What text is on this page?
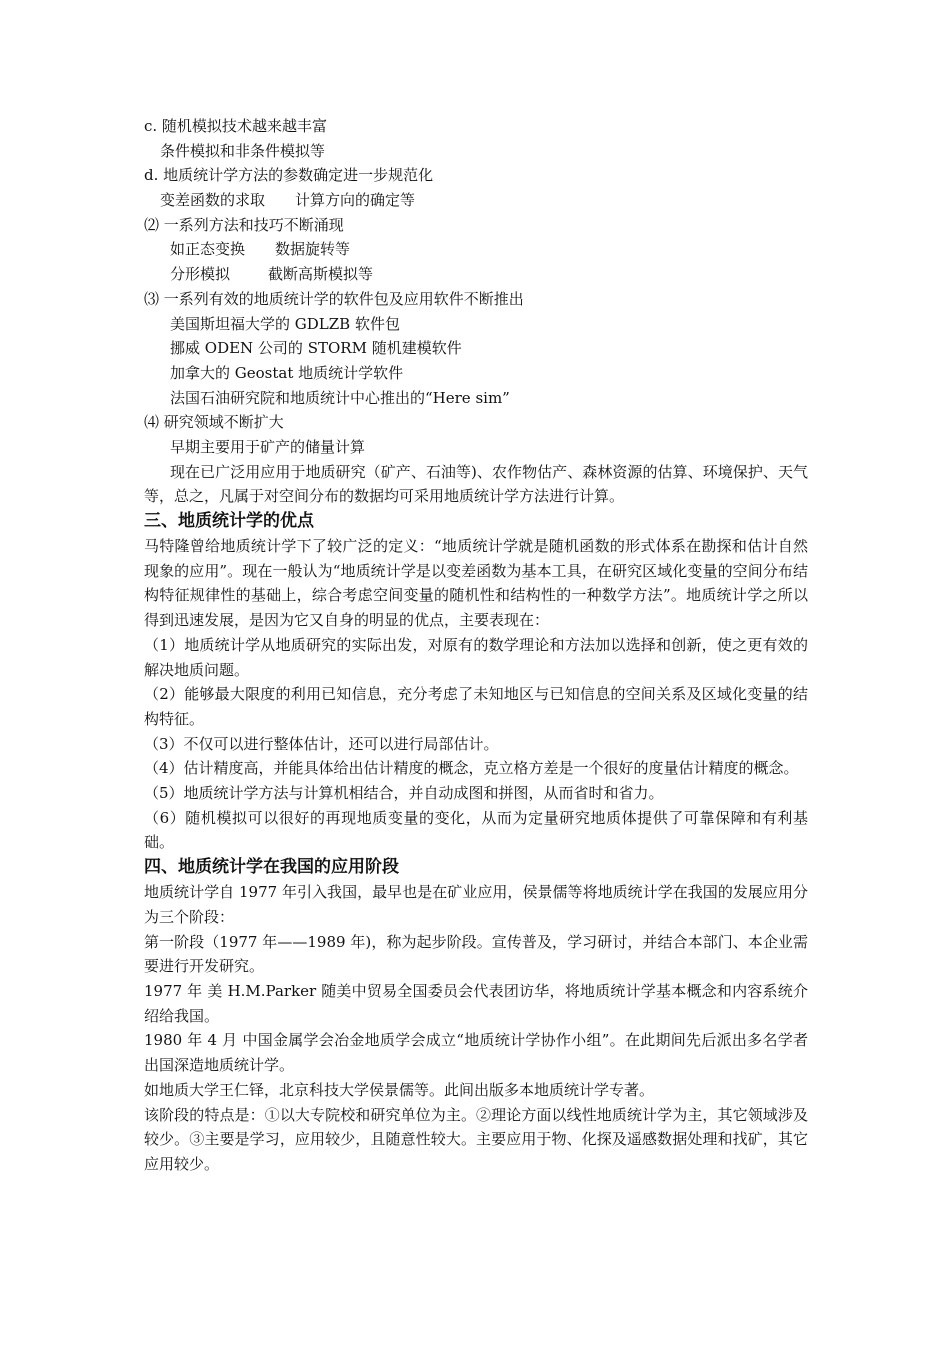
c. 随机模拟技术越来越丰富
条件模拟和非条件模拟等
d. 地质统计学方法的参数确定进一步规范化
变差函数的求取 计算方向的确定等
⑵ 一系列方法和技巧不断涌现
如正态变换 数据旋转等
分形模拟	截断高斯模拟等
⑶ 一系列有效的地质统计学的软件包及应用软件不断推出
美国斯坦福大学的 GDLZB 软件包
挪威 ODEN 公司的 STORM 随机建模软件
加拿大的 Geostat 地质统计学软件
法国石油研究院和地质统计中心推出的“Here sim”
⑷ 研究领域不断扩大
早期主要用于矿产的储量计算
现在已广泛用应用于地质研究（矿产、石油等)、农作物估产、森林资源的估算、环境保护、天气等，总之，凡属于对空间分布的数据均可采用地质统计学方法进行计算。
三、地质统计学的优点
马特隆曾给地质统计学下了较广泛的定义：“地质统计学就是随机函数的形式体系在勘探和估计自然现象的应用”。现在一般认为“地质统计学是以变差函数为基本工具，在研究区域化变量的空间分布结构特征规律性的基础上，综合考虑空间变量的随机性和结构性的一种数学方法”。地质统计学之所以得到迅速发展，是因为它又自身的明显的优点，主要表现在：
（1）地质统计学从地质研究的实际出发，对原有的数学理论和方法加以选择和创新，使之更有效的解决地质问题。
（2）能够最大限度的利用已知信息，充分考虑了未知地区与已知信息的空间关系及区域化变量的结构特征。
（3）不仅可以进行整体估计，还可以进行局部估计。
（4）估计精度高，并能具体给出估计精度的概念，克立格方差是一个很好的度量估计精度的概念。
（5）地质统计学方法与计算机相结合，并自动成图和拼图，从而省时和省力。
（6）随机模拟可以很好的再现地质变量的变化，从而为定量研究地质体提供了可靠保障和有利基础。
四、地质统计学在我国的应用阶段
地质统计学自 1977 年引入我国，最早也是在矿业应用，侯景儒等将地质统计学在我国的发展应用分为三个阶段：
第一阶段（1977 年——1989 年)，称为起步阶段。宣传普及，学习研讨，并结合本部门、本企业需要进行开发研究。
1977 年 美 H.M.Parker 随美中贸易全国委员会代表团访华，将地质统计学基本概念和内容系统介绍给我国。
1980 年 4 月 中国金属学会冶金地质学会成立“地质统计学协作小组”。在此期间先后派出多名学者出国深造地质统计学。
如地质大学王仁铎，北京科技大学侯景儒等。此间出版多本地质统计学专著。
该阶段的特点是：①以大专院校和研究单位为主。②理论方面以线性地质统计学为主，其它领域涉及较少。③主要是学习，应用较少，且随意性较大。主要应用于物、化探及遥感数据处理和找矿，其它应用较少。
